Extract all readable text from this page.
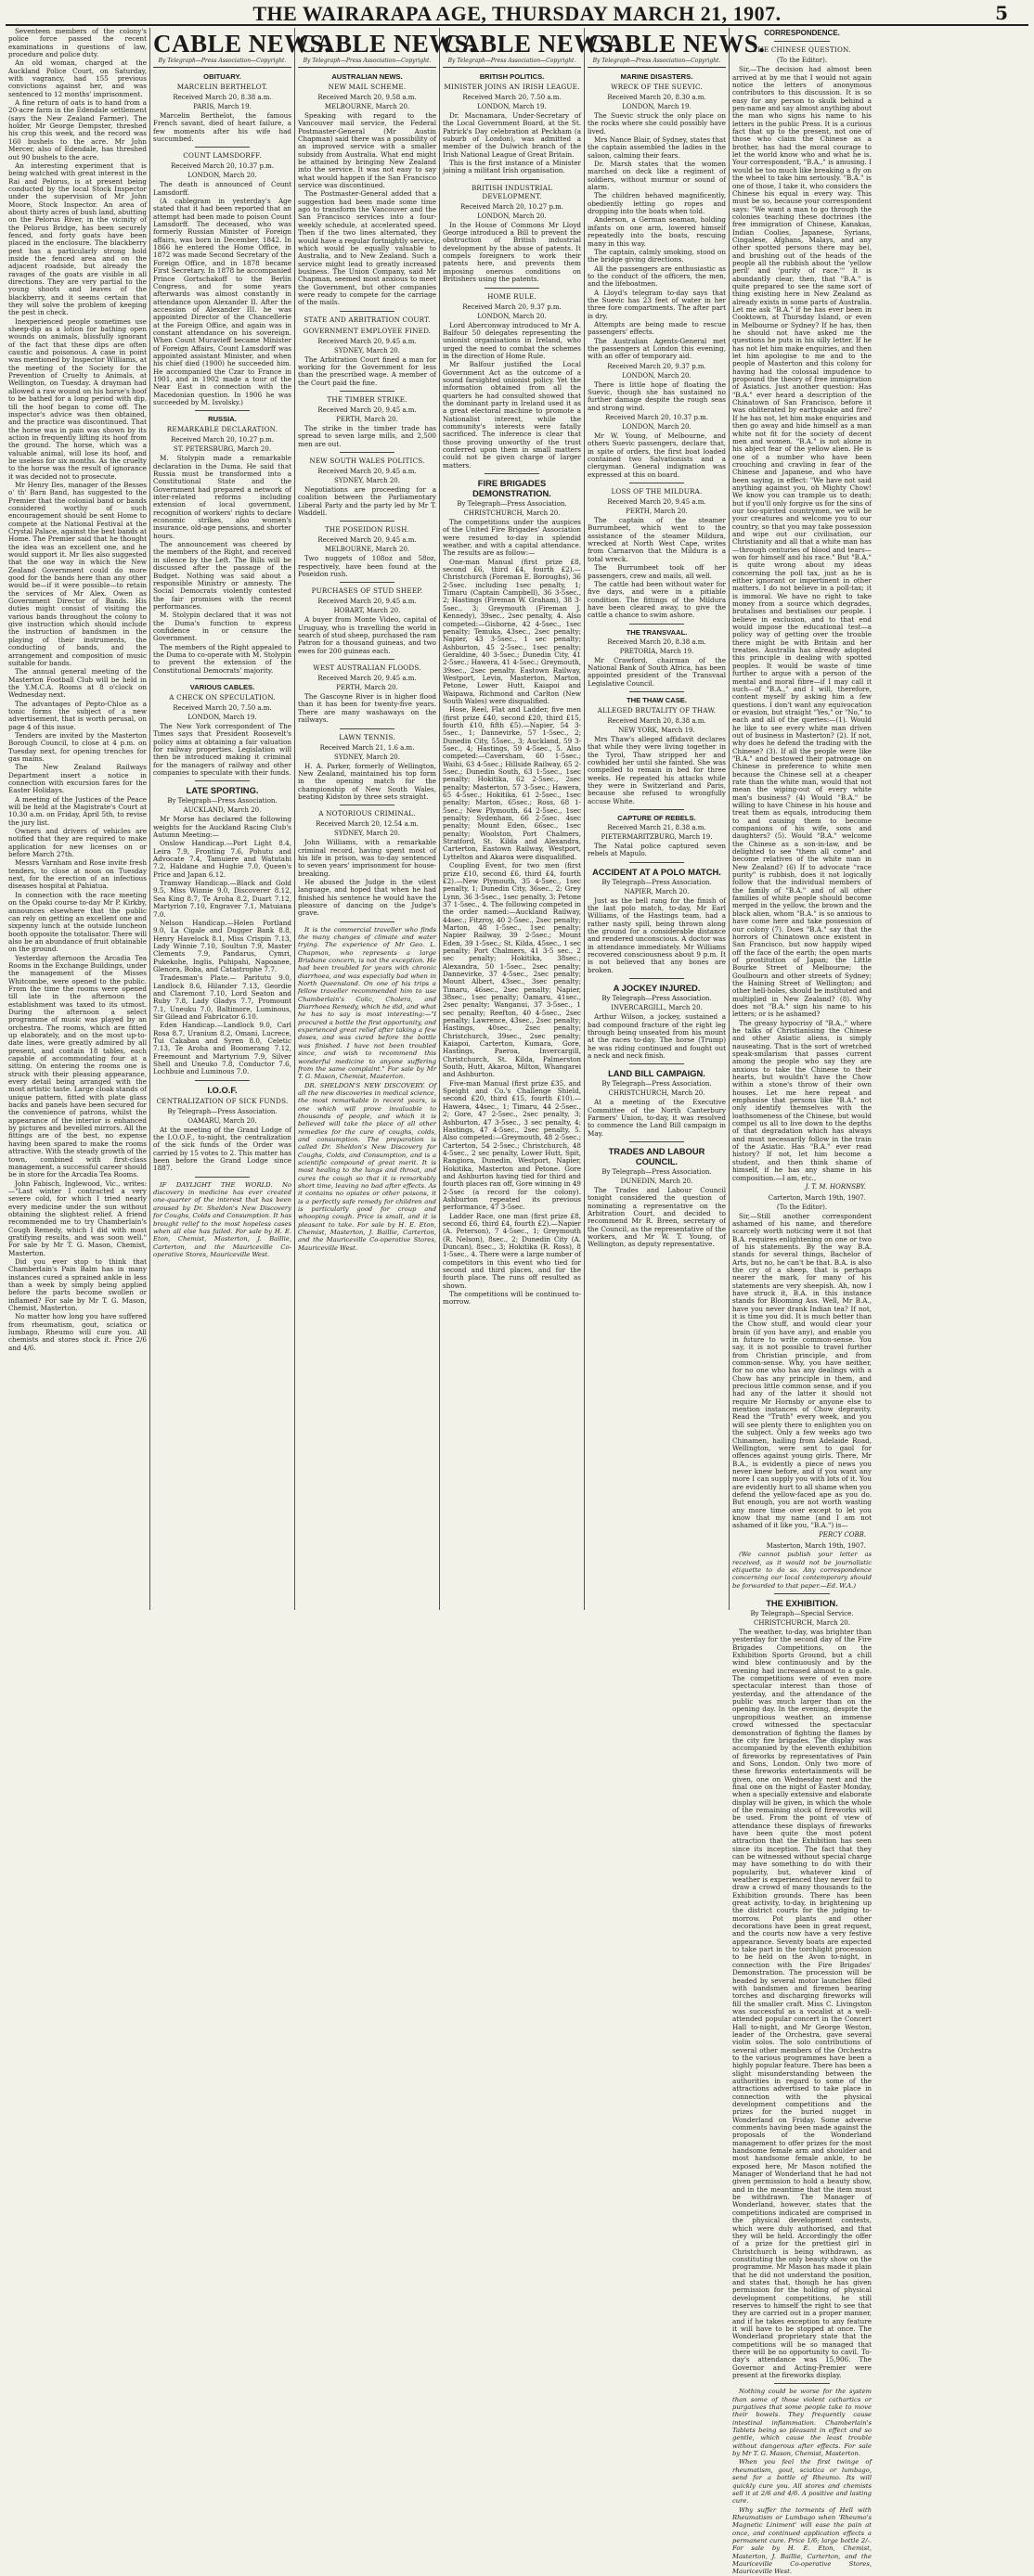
THE WAIRARAPA AGE, THURSDAY MARCH 21, 1907.	5

Seventeen members of the colony's police force passed the recent examinations in questions of law, procedure and police duty.

An old woman, charged at the Auckland Police Court, on Saturday, with vagrancy, had 155 previous convictions against her, and was sentenced to 12 months' imprisonment.

A fine return of oats is to hand from a 20-acre farm in the Edendale settlement (says the New Zealand Farmer). The holder, Mr George Dempster, threshed his crop this week, and the record was 160 bushels to the acre. Mr John Mercer, also of Edendale, has threshed out 90 bushels to the acre.

An interesting experiment that is being watched with great interest in the Rai and Pelorus, is at present being conducted by the local Stock Inspector under the supervision of Mr John Moore, Stock Inspector. An area of about thirty acres of bush land, abutting on the Pelorus River, in the vicinity of the Pelorus Bridge, has been securely fenced, and forty goats have been placed in the enclosure. The blackberry pest has a particularly strong hold inside the fenced area and on the adjacent roadside, but already the ravages of the goats are visible in all directions. They are very partial to the young shoots and leaves of the blackberry, and it seems certain that they will solve the problem of keeping the pest in check.

Inexperienced people sometimes use sheep-dip as a lotion for bathing open wounds on animals, blissfully ignorant of the fact that these dips are often caustic and poisonous. A case in point was mentioned by Inspector Williams, at the meeting of the Society for the Prevention of Cruelty to Animals, at Wellington, on Tuesday. A drayman had allowed a raw wound on his horse's hoof to be bathed for a long period with dip, till the hoof began to come off. The inspector's advice was then obtained, and the practice was discontinued. That the horse was in pain was shown by its action in frequently lifting its hoof from the ground. The horse, which was a valuable animal, will lose its hoof, and be useless for six months. As the cruelty to the horse was the result of ignorance it was decided not to prosecute.

Mr Henry Iles, manager of the Besses o' th' Barn Band, has suggested to the Premier that the colonial band or bands considered worthy of such encouragement should be sent Home to compete at the National Festival at the Crystal Palace, against the best bands at Home. The Premier said that he thought the idea was an excellent one, and he would support it. Mr Iles also suggested that the one way in which the New Zealand Government could do more good for the bands here than any other would be—if it were possible—to retain the services of Mr Alex. Owen as Government Director of Bands. His duties might consist of visiting the various bands throughout the colony to give instruction which should include the instruction of bandsmen in the playing of their instruments, the conducting of bands, and the arrangement and composition of music suitable for bands.

The annual general meeting of the Masterton Football Club will be held in the Y.M.C.A. Rooms at 8 o'clock on Wednesday next.

The advantages of Pepto-Chloe as a tonic forms the subject of a new advertisement, that is worth perusal, on page 4 of this issue.

Tenders are invited by the Masterton Borough Council, to close at 4 p.m. on Tuesday next, for opening trenches for gas mains.

The New Zealand Railways Department insert a notice in connection with excursion fares for the Easter Holidays.

A meeting of the Justices of the Peace will be held at the Magistrate's Court at 10.30 a.m. on Friday, April 5th, to revise the jury list.

Owners and drivers of vehicles are notified that they are required to make application for new licenses on or before March 27th.

Messrs Varnham and Rose invite fresh tenders, to close at noon on Tuesday next, for the erection of an infectious diseases hospital at Pahiatua.

In connection with the race meeting on the Opaki course to-day Mr P. Kirkby, announces elsewhere that the public can rely on getting an excellent one and sixpenny lunch at the outside luncheon booth opposite the totalisator. There will also be an abundance of fruit obtainable on the ground.

Yesterday afternoon the Arcadia Tea Rooms in the Exchange Buildings, under the management of the Misses Whitcombe, were opened to the public. From the time the rooms were opened till late in the afternoon the establishment was taxed to its utmost. During the afternoon a select programme of music was played by an orchestra. The rooms, which are fitted up elaborately, and on the most up-to-date lines, were greatly admired by all present, and contain 18 tables, each capable of accommodating four at a sitting. On entering the rooms one is struck with their pleasing appearance, every detail being arranged with the most artistic taste. Large cloak stands of unique pattern, fitted with plate glass backs and panels have been secured for the convenience of patrons, whilst the appearance of the interior is enhanced by pictures and bevelled mirrors. All the fittings are of the best, no expense having been spared to make the rooms attractive. With the steady growth of the town, combined with first-class management, a successful career should be in store for the Arcadia Tea Rooms.

John Fabisch, Inglewood, Vic., writes: —"Last winter I contracted a very severe cold, for which I tried nearly every medicine under the sun without obtaining the slightest relief. A friend recommended me to try Chamberlain's Cough Remedy, which I did with most gratifying results, and was soon well." For sale by Mr T. G. Mason, Chemist, Masterton.

Did you ever stop to think that Chamberlain's Pain Balm has in many instances cured a sprained ankle in less than a week by simply being applied before the parts become swollen or inflamed? For sale by Mr T. G. Mason, Chemist, Masterton.

No matter how long you have suffered from rheumatism, gout, sciatica or lumbago, Rheumo will cure you. All chemists and stores stock it. Price 2/6 and 4/6.

CABLE NEWS.
By Telegraph—Press Association—Copyright.
OBITUARY.
MARCELIN BERTHELOT.
Received March 20, 8.38 a.m.
PARIS, March 19.

Marcelin Berthelot, the famous French savant, died of heart failure, a few moments after his wife had succumbed.

COUNT LAMSDORFF.
Received March 20, 10.37 p.m.
LONDON, March 20.

The death is announced of Count Lamsdorff.

(A cablegram in yesterday's Age stated that it had been reported that an attempt had been made to poison Count Lamsdorff. The deceased, who was formerly Russian Minister of Foreign affairs, was born in December, 1842. In 1866 he entered the Home Office, in 1872 was made Second Secretary of the Foreign Office, and in 1878 became First Secretary. In 1878 he accompanied Prince Gortschakoff to the Berlin Congress, and for some years afterwards was almost constantly in attendance upon Alexander II. After the accession of Alexander III. he was appointed Director of the Chancellerie at the Foreign Office, and again was in constant attendance on his sovereign. When Count Muravieff became Minister of Foreign Affairs, Count Lamsdorff was appointed assistant Minister, and when his chief died (1900) he succeeded him. He accompanied the Czar to France in 1901, and in 1902 made a tour of the Near East in connection with the Macedonian question. In 1906 he was succeeded by M. Isvolsky.)

RUSSIA.
REMARKABLE DECLARATION.
Received March 20, 10.27 p.m.
ST. PETERSBURG, March 20.

M. Stolypin made a remarkable declaration in the Duma. He said that Russia must be transformed into a Constitutional State and the Government had prepared a network of inter-related reforms including extension of local government, recognition of workers' rights to declare economic strikes, also women's insurance, old-age pensions, and shorter hours.

The announcement was cheered by the members of the Right, and received in silence by the Left. The Bills will be discussed after the passage of the Budget. Nothing was said about a responsible Ministry or amnesty. The Social Democrats violently contested the fair promises with the recent performances.

M. Stolypin declared that it was not the Duma's function to express confidence in or censure the Government.

The members of the Right appealed to the Duma to co-operate with M. Stolypin to prevent the extension of the Constitutional Democrats' majority.

VARIOUS CABLES.
A CHECK ON SPECULATION.
Received March 20, 7.50 a.m.
LONDON, March 19.

The New York correspondent of The Times says that President Roosevelt's policy aims at obtaining a fair valuation for railway properties. Legislation will then be introduced making it criminal for the managers of railway and other companies to speculate with their funds.

LATE SPORTING.
By Telegraph—Press Association.
AUCKLAND, March 20.

Mr Morse has declared the following weights for the Auckland Racing Club's Autumn Meeting:—

Onslow Handicap.—Port Light 8.4, Leira 7.9, Fronting 7.6, Pohutu and Advocate 7.4, Tamuiere and Watutahi 7.2, Haldane and Hughie 7.0, Queen's Price and Japan 6.12.

Tramway Handicap.—Black and Gold 9.5, Miss Winnie 9.0, Discoverer 8.12, Sea King 8.7, Te Aroha 8.2, Duart 7.12, Martyrion 7.10, Engraver 7.1, Matuiana 7.0.

Nelson Handicap.—Helen Portland 9.0, La Cigale and Dugger Bank 8.8, Henry Havelock 8.1, Miss Crispin 7.13, Lady Winnie 7.10, Soultun 7.9, Master Clements 7.9, Pandarus, Cymri, Pukekohe, Inglis, Puhipahi, Napoanee, Glenora, Boba, and Catastrophe 7.7.

Tradesman's Plate.— Paritutu 9.0, Landlock 8.6, Hilander 7.13, Geordie and Claremont 7.10, Lord Seaton and Ruby 7.8, Lady Gladys 7.7, Promount 7.1, Uneuku 7.0, Baltimore, Luminous, Sir Gilead and Fabricator 6.10.

Eden Handicap.—Landlock 9.0, Carl Rosa 8.7, Uranium 8.2, Omani, Lucrece, Tui Cakabau and Syren 8.0, Celetic 7.13, Te Aroha and Boomerang 7.12, Freemount and Martyrium 7.9, Silver Shell and Uneuko 7.8, Conductor 7.6, Lochbuie and Luminous 7.0.

I.O.O.F.
CENTRALIZATION OF SICK FUNDS.
By Telegraph—Press Association.
OAMARU, March 20.

At the meeting of the Grand Lodge of the I.O.O.F., to-night, the centralization of the sick funds of the Order was carried by 15 votes to 2. This matter has been before the Grand Lodge since 1887.

IF DAYLIGHT THE WORLD. No discovery in medicine has ever created one-quarter of the interest that has been aroused by Dr. Sheldon's New Discovery for Coughs, Colds and Consumption. It has brought relief to the most hopeless cases when all else has failed. For sale by H. E. Eton, Chemist, Masterton, J. Baillie, Carterton, and the Mauriceville Co-operative Stores, Mauriceville West.

CABLE NEWS.
By Telegraph—Press Association—Copyright.
AUSTRALIAN NEWS.
NEW MAIL SCHEME.
Received March 20, 9.58 a.m.
MELBOURNE, March 20.

Speaking with regard to the Vancouver mail service, the Federal Postmaster-General (Mr Austin Chapman) said there was a possibility of an improved service with a smaller subsidy from Australia. What end might be attained by bringing New Zealand into the service. It was not easy to say what would happen if the San Francisco service was discontinued.

The Postmaster-General added that a suggestion had been made some time ago to transform the Vancouver and the San Francisco services into a four-weekly schedule, at accelerated speed. Then if the two lines alternated, they would have a regular fortnightly service, which would be equally valuable to Australia, and to New Zealand. Such a service might lead to greatly increased business. The Union Company, said Mr Chapman, seemed most anxious to meet the Government, but other companies were ready to compete for the carriage of the mails.

STATE AND ARBITRATION COURT.
GOVERNMENT EMPLOYEE FINED.
Received March 20, 9.45 a.m.
SYDNEY, March 20.

The Arbitration Court fined a man for working for the Government for less than the prescribed wage. A member of the Court paid the fine.

THE TIMBER STRIKE.
Received March 20, 9.45 a.m.
PERTH, March 20.

The strike in the timber trade has spread to seven large mills, and 2,500 men are out.

NEW SOUTH WALES POLITICS.
Received March 20, 9.45 a.m.
SYDNEY, March 20.

Negotiations are proceeding for a coalition between the Parliamentary Liberal Party and the party led by Mr T. Waddell.

THE POSEIDON RUSH.
Received March 20, 9.45 a.m.
MELBOURNE, March 20.

Two nuggets of 108oz and 58oz, respectively, have been found at the Poseidon rush.

PURCHASES OF STUD SHEEP.
Received March 20, 9.45 a.m.
HOBART, March 20.

A buyer from Monte Video, capital of Uruguay, who is travelling the world in search of stud sheep, purchased the ram Patron for a thousand guineas, and two ewes for 200 guineas each.

WEST AUSTRALIAN FLOODS.
Received March 20, 9.45 a.m.
PERTH, March 20.

The Gascoyne River is in higher flood than it has been for twenty-five years. There are many washaways on the railways.

LAWN TENNIS.
Received March 21, 1.6 a.m.
SYDNEY, March 20.

H. A. Parker, formerly of Wellington, New Zealand, maintained his top form in the opening match for the championship of New South Wales, beating Kidston by three sets straight.

A NOTORIOUS CRIMINAL.
Received March 20, 12.54 a.m.
SYDNEY, March 20.

John Williams, with a remarkable criminal record, having spent most of his life in prison, was to-day sentenced to seven years' imprisonment for house-breaking.

He abused the Judge in the vilest language, and hoped that when he had finished his sentence he would have the pleasure of dancing on the Judge's grave.

It is the commercial traveller who finds the many changes of climate and water trying. The experience of Mr Geo. L. Chapman, who represents a large Brisbane concern, is not the exception. He had been troubled for years with chronic diarrhoea, and was especially bad when in North Queensland. On one of his trips a fellow traveller recommended him to use Chamberlain's Colic, Cholera, and Diarrhoea Remedy, which he did, and what he has to say is most interesting:—"I procured a bottle the first opportunity, and experienced great relief after taking a few doses, and was cured before the bottle was finished. I have not been troubled since, and wish to recommend this wonderful medicine to anyone suffering from the same complaint." For sale by Mr T. G. Mason, Chemist, Masterton.

DR. SHELDON'S NEW DISCOVERY. Of all the new discoveries in medical science, the most remarkable in recent years, is one which will prove invaluable to thousands of people, and which it is believed will take the place of all other remedies for the cure of coughs, colds, and consumption. The preparation is called Dr. Sheldon's New Discovery for Coughs, Colds, and Consumption, and is a scientific compound of great merit. It is most healing to the lungs and throat, and cures the cough so that it is remarkably short time, leaving no bad after effects. As it contains no opiates or other poisons, it is a perfectly safe remedy for children and is particularly good for croup and whooping cough. Price is small, and it is pleasant to take. For sale by H. E. Eton, Chemist, Masterton, J. Baillie, Carterton, and the Mauriceville Co-operative Stores, Mauriceville West.

CABLE NEWS.
By Telegraph—Press Association—Copyright.
BRITISH POLITICS.
MINISTER JOINS AN IRISH LEAGUE.
Received March 20, 7.50 a.m.
LONDON, March 19.

Dr. Macnamara, Under-Secretary of the Local Government Board, at the St. Patrick's Day celebration at Peckham (a suburb of London), was admitted a member of the Dulwich branch of the Irish National League of Great Britain.

This is the first instance of a Minister joining a militant Irish organisation.

BRITISH INDUSTRIAL DEVELOPMENT.
Received March 20, 10.27 p.m.
LONDON, March 20.

In the House of Commons Mr Lloyd George introduced a Bill to prevent the obstruction of British industrial development by the abuse of patents. It compels foreigners to work their patents here, and prevents them imposing onerous conditions on Britishers using the patents.

HOME RULE.
Received March 20, 9.37 p.m.
LONDON, March 20.

Lord Aberconway introduced to Mr A. Balfour 50 delegates representing the unionist organisations in Ireland, who urged the need to combat the schemes in the direction of Home Rule.

Mr Balfour justified the Local Government Act as the outcome of a sound farsighted unionist policy. Yet the information obtained from all the quarters he had consulted showed that the dominant party in Ireland used it as a great electoral machine to promote a Nationalist interest, while the community's interests were fatally sacrificed. The inference is clear that those proving unworthy of the trust conferred upon them in small matters could not be given charge of larger matters.

FIRE BRIGADES DEMONSTRATION.
By Telegraph—Press Association.
CHRISTCHURCH, March 20.

The competitions under the auspices of the United Fire Brigades' Association were resumed to-day in splendid weather, and with a capital attendance. The results are as follow:—

One-man Manual (first prize £8, second £6, third £4, fourth £2).—Christchurch (Foreman E. Boroughs), 36 2-5sec. including 1sec penalty, 1; Timaru (Captain Campbell), 36 3-5sec., 2; Hastings (Fireman W. Graham), 38 3-5sec., 3; Greymouth (Fireman J. Kennedy), 39sec., 2sec penalty, 4. Also competed:—Gisborne, 42 4-5sec., 1sec penalty; Temuka, 43sec., 2sec penalty; Napier, 43 3-5sec., 1 sec penalty; Ashburton, 45 2-5sec., 1sec penalty; Geraldine, 40 3-5sec.; Dunedin City, 41 2-5sec.; Hawera, 41 4-5sec.; Greymouth, 39sec., 2sec penalty. Eastown Railway, Westport, Levin, Masterton, Marton, Petone, Lower Hutt, Kaiapoi and Waipawa, Richmond and Carlton (New South Wales) were disqualified.

Hose, Reel, Flat and Ladder, five men (first prize £40, second £20, third £15, fourth £10, fifth £5).—Napier, 54 3-5sec., 1; Dannevirke, 57 1-5sec., 2; Dunedin City, 55sec., 3; Auckland, 59 3-5sec., 4; Hastings, 59 4-5sec., 5. Also competed:—Caversham, 60 1-5sec.; Waihi, 63 4-5sec.; Hillside Railway, 65 2-5sec.; Dunedin South, 63 1-5sec., 1sec penalty; Hokitika, 62 2-5sec., 2sec penalty; Masterton, 57 3-5sec.; Hawera, 65 4-5sec.; Hokitika, 61 2-5sec., 1sec penalty; Marton, 65sec.; Ross, 68 1-5sec.; New Plymouth, 64 2-5sec., 1sec penalty; Sydenham, 66 2-5sec. 4sec penalty; Mount Eden, 66sec., 1sec penalty; Woolston, Port Chalmers, Stratford, St. Kilda and Alexandra, Carterton, Eastown Railway, Westport, Lyttelton and Akaroa were disqualified.

Coupling Event, for two men (first prize £10, second £6, third £4, fourth £2).—New Plymouth, 35 4-5sec., 1sec penalty, 1; Dunedin City, 36sec., 2; Grey Lynn, 36 3-5sec., 1sec penalty, 3; Petone 37 1-5sec., 4. The following competed in the order named:—Auckland Railway, 44sec.; Fitzroy, 40 2-5sec., 2sec penalty; Marton, 48 1-5sec., 1sec penalty; Napier Railway, 39 2-5sec.; Mount Eden, 39 1-5sec.; St. Kilda, 45sec., 1 sec penalty; Port Chalmers, 41 3-5 sec., 2 sec penalty; Hokitika, 38sec.; Alexandra, 50 1-5sec., 2sec penalty; Dannevirke, 37 4-5sec., 2sec penalty; Mount Albert, 43sec., 3sec penalty; Timaru, 46sec., 2sec penalty; Napier, 38sec., 1sec penalty; Oamaru, 41sec., 2sec penalty; Wanganui, 37 3-5sec., 1 sec penalty; Reefton, 40 4-5sec., 2sec penalty; Lawrence, 43sec., 2sec penalty; Hastings, 40sec., 2sec penalty; Christchurch, 39sec., 2sec penalty; Kaiapoi, Carterton, Kumara, Gore, Hastings, Paeroa, Invercargill, Christchurch, St. Kilda, Palmerston South, Hutt, Akaroa, Milton, Whangarei and Ashburton.

Five-man Manual (first prize £35, and Speight and Co.'s Challenge Shield, second £20, third £15, fourth £10).—Hawera, 44sec., 1; Timaru, 44 2-5sec., 2; Gore, 47 2-5sec., 2sec penalty, 3; Ashburton, 47 3-5sec., 3 sec penalty, 4; Hastings, 47 4-5sec., 2sec penalty, 5. Also competed:—Greymouth, 48 2-5sec.; Carterton, 54 2-5sec.; Christchurch, 48 4-5sec., 2 sec penalty, Lower Hutt, Spit, Rangiora, Dunedin, Westport, Napier, Hokitika, Masterton and Petone. Gore and Ashburton having tied for third and fourth places ran off, Gore winning in 49 2-5sec (a record for the colony). Ashburton repeated its previous performance, 47 3-5sec.

Ladder Race, one man (first prize £8, second £6, third £4, fourth £2).—Napier (A. Peterson), 7 4-5sec., 1; Greymouth (R. Nelson), 8sec., 2; Dunedin City (A. Duncan), 8sec., 3; Hokitika (R. Ross), 8 1-5sec., 4. There were a large number of competitors in this event who tied for second and third places, and for the fourth place. The runs off resulted as shown.

The competitions will be continued to-morrow.

CABLE NEWS.
By Telegraph—Press Association—Copyright.
MARINE DISASTERS.
WRECK OF THE SUEVIC.
Received March 20, 8.30 a.m.
LONDON, March 19.

The Suevic struck the only place on the rocks where she could possibly have lived.

Mrs Nance Blair, of Sydney, states that the captain assembled the ladies in the saloon, calming their fears.

Dr. Marsh states that the women marched on deck like a regiment of soldiers, without murmur or sound of alarm.

The children behaved magnificently, obediently letting go ropes and dropping into the boats when told.

Anderson, a German seaman, holding infants on one arm, lowered himself repeatedly into the boats, rescuing many in this way.

The captain, calmly smoking, stood on the bridge giving directions.

All the passengers are enthusiastic as to the conduct of the officers, the men, and the lifeboatmen.

A Lloyd's telegram to-day says that the Suevic has 23 feet of water in her three fore compartments. The after part is dry.

Attempts are being made to rescue passengers' effects.

The Australian Agents-General met the passengers at London this evening, with an offer of temporary aid.

Received March 20, 9.37 p.m.
LONDON, March 20.

There is little hope of floating the Suevic, though she has sustained no further damage despite the rough seas and strong wind.

Received March 20, 10.37 p.m.
LONDON, March 20.

Mr W. Young, of Melbourne, and others Suevic passengers, declare that, in spite of orders, the first boat loaded contained two Salvationists and a clergyman. General indignation was expressed at this on board.

LOSS OF THE MILDURA.
Received March 20, 9.45 a.m.
PERTH, March 20.

The captain of the steamer Burrumbeet, which went to the assistance of the steamer Mildura, wrecked at North West Cape, writes from Carnarvon that the Mildura is a total wreck.

The Burrumbeet took off her passengers, crew and mails, all well.

The cattle had been without water for five days, and were in a pitiable condition. The fittings of the Mildura have been cleared away, to give the cattle a chance to swim ashore.

THE TRANSVAAL.
Received March 20, 8.38 a.m.
PRETORIA, March 19.

Mr Crawford, chairman of the National Bank of South Africa, has been appointed president of the Transvaal Legislative Council.

THE THAW CASE.
ALLEGED BRUTALITY OF THAW.
Received March 20, 8.38 a.m.
NEW YORK, March 19.

Mrs Thaw's alleged affidavit declares that while they were living together in the Tyrol, Thaw stripped her and cowhided her until she fainted. She was compelled to remain in bed for three weeks. He repeated his attacks while they were in Switzerland and Paris, because she refused to wrongfully accuse White.

CAPTURE OF REBELS.
Received March 21, 8.38 a.m.
PIETERMARITZBURG, March 19.

The Natal police captured seven rebels at Mapulo.

ACCIDENT AT A POLO MATCH.
By Telegraph—Press Association.
NAPIER, March 20.

Just as the bell rang for the finish of the last polo match, to-day, Mr Earl Williams, of the Hastings team, had a rather nasty spill, being thrown along the ground for a considerable distance and rendered unconscious. A doctor was in attendance immediately. Mr Williams recovered consciousness about 9 p.m. It is not believed that any bones are broken.

A JOCKEY INJURED.
By Telegraph—Press Association.
INVERCARGILL, March 20.

Arthur Wilson, a jockey, sustained a bad compound fracture of the right leg through being unseated from his mount at the races to-day. The horse (Trump) he was riding continued and fought out a neck and neck finish.

LAND BILL CAMPAIGN.
By Telegraph—Press Association.
CHRISTCHURCH, March 20.

At a meeting of the Executive Committee of the North Canterbury Farmers' Union, to-day, it was resolved to commence the Land Bill campaign in May.

TRADES AND LABOUR COUNCIL.
By Telegraph—Press Association.
DUNEDIN, March 20.

The Trades and Labour Council tonight considered the question of nominating a representative on the Arbitration Court, and decided to recommend Mr R. Breen, secretary of the Council, as the representative of the workers, and Mr W. T. Young, of Wellington, as deputy representative.

CORRESPONDENCE.
THE CHINESE QUESTION.
(To the Editor).

Sir,—The decision had almost been arrived at by me that I would not again notice the letters of anonymous contributors to this discussion. It is so easy for any person to skulk behind a pen-name and say almost anything about the man who signs his name to his letters in the public Press. It is a curious fact that up to the present, not one of those who claim the Chinese as a brother, has had the moral courage to let the world know who and what he is. Your correspondent, "B.A.," is amusing. I would be too much like breaking a fly on the wheel to take him seriously. "B.A." is one of those, I take it, who considers the Chinese his equal in every way. This must be so, because your correspondent says: "We want a man to go through the colonies teaching these doctrines (the free immigration of Chinese, Kanakas, Indian Coolies, Japanese, Syrians, Cingalese, Afghans, Malays, and any other spotted persons there may be), and brushing out of the heads of the people all the rubbish about the 'yellow peril' and 'purity of race.'" It is abundantly clear, then, that "B.A." is quite prepared to see the same sort of thing existing here in New Zealand as already exists in some parts of Australia. Let me ask "B.A." if he has ever been in Cooktown, at Thursday Island, or even in Melbourne or Sydney? If he has, then he should not have asked me the questions he puts in his silly letter. If he has not let him make enquiries, and then let him apologise to me and to the people of Masterton and this colony for having had the colossal impudence to propound the theory of free immigration of Asiatics. Just another question: Has "B.A." ever heard a description of the Chinatown of San Francisco, before it was obliterated by earthquake and fire? If he has not, let him make enquiries and then go away and hide himself as a man white not fit for the society of decent men and women. "B.A." is not alone in his abject fear of the yellow alien. He is one of a number who have been crouching and cravling in fear of the Chinese and Japanese, and who have been saying, in effect: "We have not said anything against you, oh Mighty Chow! We know you can trample us to death; but if you'll only forgive us for the sins of our too-spirited countrymen, we will be your creatures and welcome you to our country, so that you may take possession and wipe out our civilisation, our Christianity and all that a white man has—through centuries of blood and tears—won for himself and his race." But "B.A." is quite wrong about my ideas concerning the poll tax, just as he is either ignorant or impertinent in other matters. I do not believe in a poll-tax; it is immoral. We have no right to take money from a source which degrades, brutalises and bestialises our people. I believe in exclusion, and to that end would impose the educational test—a policy way of getting over the trouble there might be with Britain and her treaties. Australia has already adopted this principle in dealing with spotted peoples. It would be waste of time further to argue with a person of the mental and moral fibre—if I may call it such—of "B.A.," and I will, therefore, content myself by asking him a few questions. I don't want any equivocation or evasion, but straight "Yes," or "No," to each and all of the queries:—(1). Would he like to see every white man driven out of business in Masterton? (2). If not, why does he defend the trading with the Chinese? (3). If all the people were like "B.A." and bestowed their patronage on Chinese in preference to white men because the Chinese sell at a cheaper rate than the white man, would that not mean the wiping-out of every white man's business? (4) Would "B.A." be willing to have Chinese in his house and treat them as equals, introducing them to and causing them to become companions of his wife, sons and daughters? (5). Would "B.A." welcome the Chinese as a son-in-law, and be delighted to see "them all come" and become relatives of the white man in New Zealand? (6) If to advocate "race purity" is rubbish, does it not logically follow that the individual members of the family of "B.A." and of all other families of white people should become merged in the yellow, the brown and the black alien, whom "B.A." is so anxious to have come here and take possession of our colony (7). Does "B.A." say that the horrors of Chinatown once existent in San Francisco, but now happily wiped off the face of the earth; the open marts of prostitution of Japan; the Little Bourke Street of Melbourne; the Goulbourn and other streets of Sydney; the Haining Street of Wellington; and other hell-holes, should be instituted and multiplied in New Zealand? (8). Why does not "B.A." sign his name to his letters; or is he ashamed?

The greasy hypocrisy of "B.A.," where he talks of Christianising the Chinese and other Asiatic aliens, is simply nauseating. That is the sort of wretched speak-smilarism that passes current among the people who say they are anxious to take the Chinese to their hearts, but wouldn't have the Chow within a stone's throw of their own houses. Let me here repeat and emphasise that persons like "B.A." not only identify themselves with the loathsomeness of the Chinese, but would compel us all to live down to the depths of that degradation which has always and must necessarily follow in the train of the Asiatic. Has "B.A." ever read history? If not, let him become a student, and then think shame of himself, if he has any shame in his composition.—I am, etc.,

J. T. M. HORNSBY.
Carterton, March 19th, 1907.
(To the Editor).

Sir,—Still another correspondent ashamed of his name, and therefore scarcely worth noticing were it not that B.A. requires enlightening on one or two of his statements. By the way B.A. stands for several things, Bachelor of Arts, but no, he can't be that. B.A. is also the cry of a sheep, that is perhaps nearer the mark, for many of his statements are very sheepish. Ah, now I have struck it, B.A. in this instance stands for Blooming Ass. Well, Mr B.A., have you never drank Indian tea? If not, it is time you did. It is much better than the Chow stuff, and would clear your brain (if you have any), and enable you in future to write common-sense. You say, it is not possible to travel further from Christian principle, and from common-sense. Why, you have neither, for no one who has any dealings with a Chow has any principle in them, and precious little common sense, and if you had any of the latter it should not require Mr Hornsby or anyone else to mention instances of Chow depravity. Read the "Truth" every week, and you will see plenty there to enlighten you on the subject. Only a few weeks ago two Chinamen, hailing from Adelaide Road, Wellington, were sent to gaol for offences against young girls. There, Mr B.A., is evidently a piece of news you never knew before, and if you want any more I can supply you with lots of it. You are evidently hurt to all shame when you defend the yellow-faced ape as you do. But enough, you are not worth wasting any more time over except to let you know that my name (and I am not ashamed of it like you, "B.A.") is—

PERCY COBB.
Masterton, March 19th, 1907.

(We cannot publish your letter as received, as it would not be journalistic etiquette to do so. Any correspondence concerning our local contemporary should be forwarded to that paper.—Ed. W.A.)

THE EXHIBITION.
By Telegraph—Special Service.
CHRISTCHURCH, March 20.

The weather, to-day, was brighter than yesterday for the second day of the Fire Brigades Competitions, on the Exhibition Sports Ground, but a chill wind blew continuously and by the evening had increased almost to a gale. The competitions were of even more spectacular interest than those of yesterday, and the attendance of the public was much larger than on the opening day. In the evening, despite the unpropitious weather, an immense crowd witnessed the spectacular demonstration of fighting the flames by the city fire brigades. The display was accompanied by the eleventh exhibition of fireworks by representatives of Pain and Sons, London. Only two more of these fireworks entertainments will be given, one on Wednesday next and the final one on the night of Easter Monday, when a specially extensive and elaborate display will be given, in which the whole of the remaining stock of fireworks will be used. From the point of view of attendance these displays of fireworks have been quite the most potent attraction that the Exhibition has seen since its inception. The fact that they can be witnessed without special charge may have something to do with their popularity, but, whatever kind of weather is experienced they never fail to draw a crowd of many thousands to the Exhibition grounds. There has been great activity, to-day, in brightening up the district courts for the judging to-morrow. Pot plants and other decorations have been in great request, and the courts now have a very festive appearance. Seventy boats are expected to take part in the torchlight procession to be held on the Avon to-night, in connection with the Fire Brigades' Demonstration. The procession will be headed by several motor launches filled with bandsmen and firemen bearing torches and discharging fireworks will fill the smaller craft. Miss C. Livingston was successful as a vocalist at a well-attended popular concert in the Concert Hall to-night, and Mr George Weston, leader of the Orchestra, gave several violin solos. The solo contributions of several other members of the Orchestra to the various programmes have been a highly popular feature. There has been a slight misunderstanding between the authorities in regard to some of the attractions advertised to take place in connection with the physical development competitions and the prizes for the buried nugget in Wonderland on Friday. Some adverse comments having been made against the proposals of the Wonderland management to offer prizes for the most handsome female arm and shoulder and most handsome female ankle, to be exposed here, Mr Mason notified the Manager of Wonderland that he had not given permission to hold a beauty show, and in the meantime that the item must be withdrawn. The Manager of Wonderland, however, states that the competitions indicated are comprised in the physical development contests, which were duly authorised, and that they will be held. Accordingly the offer of a prize for the prettiest girl in Christchurch is being withdrawn, as constituting the only beauty show on the programme. Mr Mason has made it plain that he did not understand the position, and states that, though he has given permission for the holding of physical development competitions, he still reserves to himself the right to see that they are carried out in a proper manner, and if he takes exception to any feature it will have to be stopped at once. The Wonderland proprietary state that the competitions will be so managed that there will be no opportunity to cavil. To-day's attendance was 15,906. The Governor and Acting-Premier were present at the fireworks display.

Nothing could be worse for the system than some of those violent cathartics or purgatives that some people take to move their bowels. They frequently cause intestinal inflammation. Chamberlain's Tablets being so pleasant in effect and so gentle, which cause the least trouble without dangerous after effects. For sale by Mr T. G. Mason, Chemist, Masterton.

When you feel the first twinge of rheumatism, gout, sciatica or lumbago, send for a bottle of Rheumo. Its will quickly cure you. All stores and chemists sell it at 2/6 and 4/6. A positive and lasting cure.

Why suffer the torments of Hell with Rheumatism or Lumbago when 'Rheumo's Magnetic Liniment' will ease the pain at once, and continued application effects a permanent cure. Price 1/6; large bottle 2/-. For sale by H. E. Eton, Chemist, Masterton, J. Baillie, Carterton, and the Mauriceville Co-operative Stores, Mauriceville West.
